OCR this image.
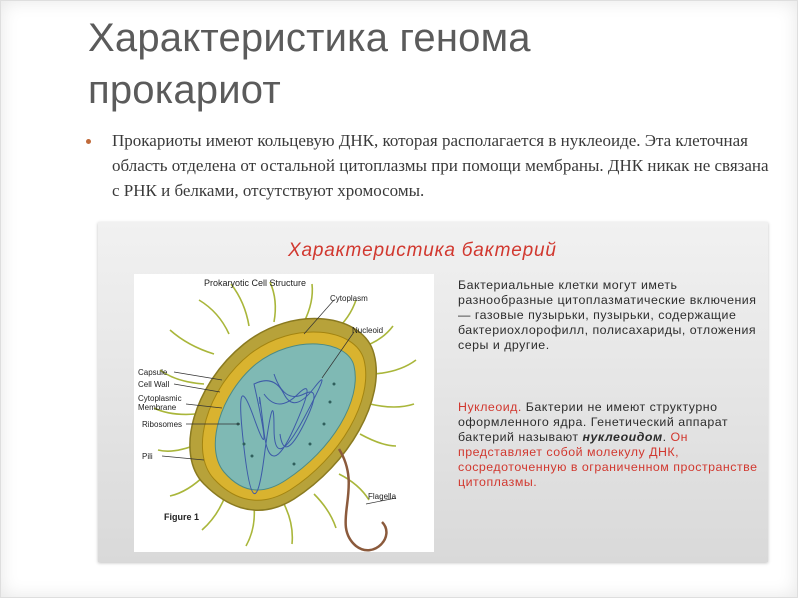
Характеристика генома прокариот
Прокариоты имеют кольцевую ДНК, которая располагается в нуклеоиде. Эта клеточная область отделена от остальной цитоплазмы при помощи мембраны. ДНК никак не связана с РНК и белками, отсутствуют хромосомы.
Характеристика бактерий
Prokaryotic Cell Structure
Cytoplasm
Nucleoid
Capsule
Cell Wall
Cytoplasmic Membrane
Ribosomes
Pili
Flagella
Figure 1
Бактериальные клетки могут иметь разнообразные цитоплазматические включения — газовые пузырьки, пузырьки, содержащие бактериохлорофилл, полисахариды, отложения серы и другие.
Нуклеоид. Бактерии не имеют структурно оформленного ядра. Генетический аппарат бактерий называют нуклеоидом. Он представляет собой молекулу ДНК, сосредоточенную в ограниченном пространстве цитоплазмы.
